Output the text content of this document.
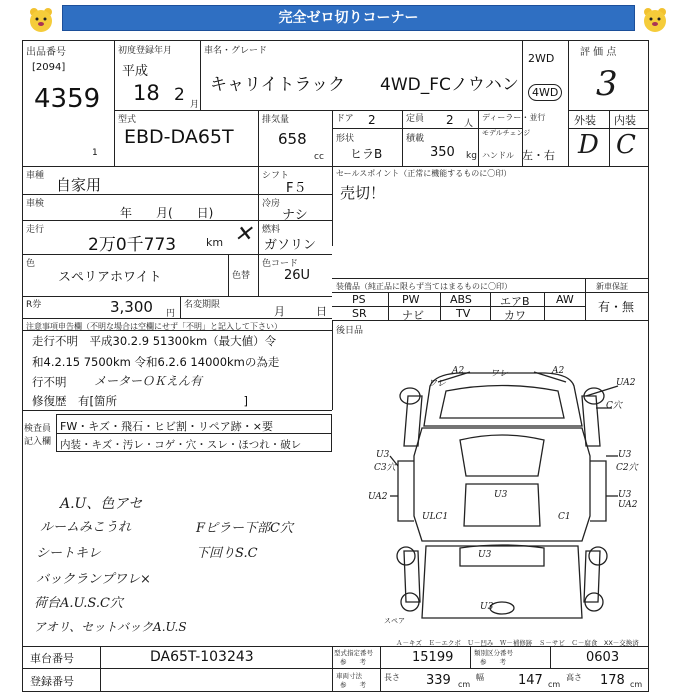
完全ゼロ切りコーナー
出品番号
[2094]
4359
1
初度登録年月
平成
18 2 月
車名・グレード
キャリイトラック 4WD_FCノウハン
2WD
4WD
評 価 点
3
型式
EBD-DA65T
排気量
658
cc
ドア 2	定員 2 人
形状
ヒラB
積載
350 kg
ディーラー・並行
モデルチェンジ
ハンドル 左・右
外装 内装
D C
車種 自家用
車検
年　　月(　　日)
走行
2万0千773	km ✕
色
スペリアホワイト	色替
R券	3,300 円
名変期限	月	日
シフト
F５
冷房
ナシ
燃料
ガソリン
色コード
26U
セールスポイント（正常に機能するものに〇印）
売切！
装備品（純正品に限らず当てはまるものに〇印）
PS	PW	ABS	エアB AW
SR	ナビ	TV	カワ
新車保証
有・無
後日品
注意事項申告欄（不明な場合は空欄にせず「不明」と記入して下さい）
走行不明　平成30.2.9 51300km（最大値）令
和4.2.15 7500km 令和6.2.6 14000kmの為走
行不明 メーターＯＫえん有
修復歴　有[箇所　　　　　　　　　　　]
検査員
記入欄
FW・キズ・飛石・ヒビ割・リペア跡・×要
内装・キズ・汚レ・コゲ・穴・スレ・ほつれ・破レ
A.U、色アセ
ルームみこうれ
シートキレ
バックランプワレ×
荷台A.U.S.C穴
アオリ、セットバックA.U.S
Fピラー下部C穴
下回りS.C
A2
ワレ
A2
ワレ
UA2
C穴
U3
C3穴
U3
C2穴
UA2	U3	U3
UA2
U3
U3
ULC1	C1
スペア
Ａ－キズ　Ｅ－エクボ　Ｕ－凹み　Ｗ－補修跡　Ｓ－サビ　Ｃ－腐食　XX－交換済
車台番号	DA65T-103243
登録番号
型式指定番号
参　　考	15199	類別区分番号
参　　考	0603
車両寸法
参　　考
長さ 339 cm
幅	147 cm
高さ 178 cm
